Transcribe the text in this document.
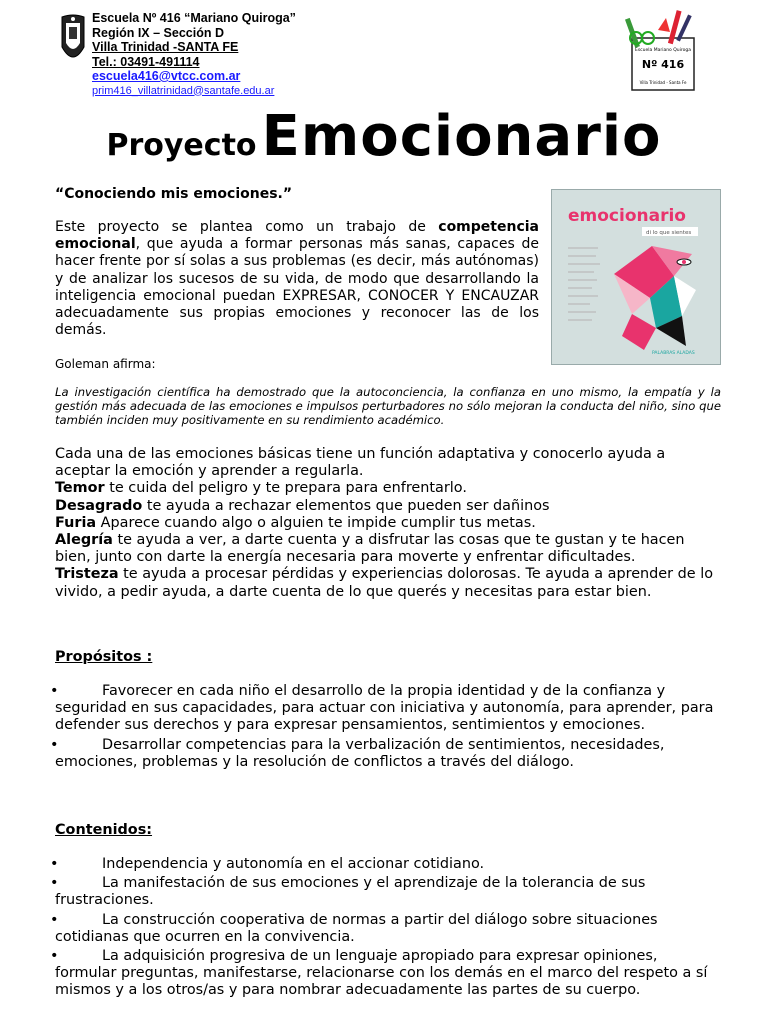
Escuela Nº 416 “Mariano Quiroga”
Región IX – Sección D
Villa Trinidad -SANTA FE
Tel.: 03491-491114
escuela416@vtcc.com.ar
prim416_villatrinidad@santafe.edu.ar
Nº 416
Villa Trinidad - Santa Fe
Escuela Mariano Quiroga
Proyecto Emocionario
“Conociendo mis emociones.”
Este proyecto se plantea como un trabajo de competencia emocional, que ayuda a formar personas más sanas, capaces de hacer frente por sí solas a sus problemas (es decir, más autónomas) y de analizar los sucesos de su vida, de modo que desarrollando la inteligencia emocional puedan EXPRESAR, CONOCER Y ENCAUZAR adecuadamente sus propias emociones y reconocer las de los demás.
emocionario
di lo que sientes
PALABRAS ALADAS
Goleman afirma:
La investigación científica ha demostrado que la autoconciencia, la confianza en uno mismo, la empatía y la gestión más adecuada de las emociones e impulsos perturbadores no sólo mejoran la conducta del niño, sino que también inciden muy positivamente en su rendimiento académico.

Cada una de las emociones básicas tiene un función adaptativa y conocerlo ayuda a aceptar la emoción y aprender a regularla.

Temor te cuida del peligro y te prepara para enfrentarlo.

Desagrado te ayuda a rechazar elementos que pueden ser dañinos

Furia Aparece cuando algo o alguien te impide cumplir tus metas.

Alegría te ayuda a ver, a darte cuenta y a disfrutar las cosas que te gustan y te hacen bien, junto con darte la energía necesaria para moverte y enfrentar dificultades.

Tristeza te ayuda a procesar pérdidas y experiencias dolorosas. Te ayuda a aprender de lo vivido, a pedir ayuda, a darte cuenta de lo que querés y necesitas para estar bien.

Propósitos :
•	Favorecer en cada niño el desarrollo de la propia identidad y de la confianza y seguridad en sus capacidades, para actuar con iniciativa y autonomía, para aprender, para defender sus derechos y para expresar pensamientos, sentimientos y emociones.
•	Desarrollar competencias para la verbalización de sentimientos, necesidades, emociones, problemas y la resolución de conflictos a través del diálogo.
Contenidos:
•	Independencia y autonomía en el accionar cotidiano.
•	La manifestación de sus emociones y el aprendizaje de la tolerancia de sus frustraciones.
•	La construcción cooperativa de normas a partir del diálogo sobre situaciones cotidianas que ocurren en la convivencia.
•	La adquisición progresiva de un lenguaje apropiado para expresar opiniones, formular preguntas, manifestarse, relacionarse con los demás en el marco del respeto a sí mismos y a los otros/as y para nombrar adecuadamente las partes de su cuerpo.
